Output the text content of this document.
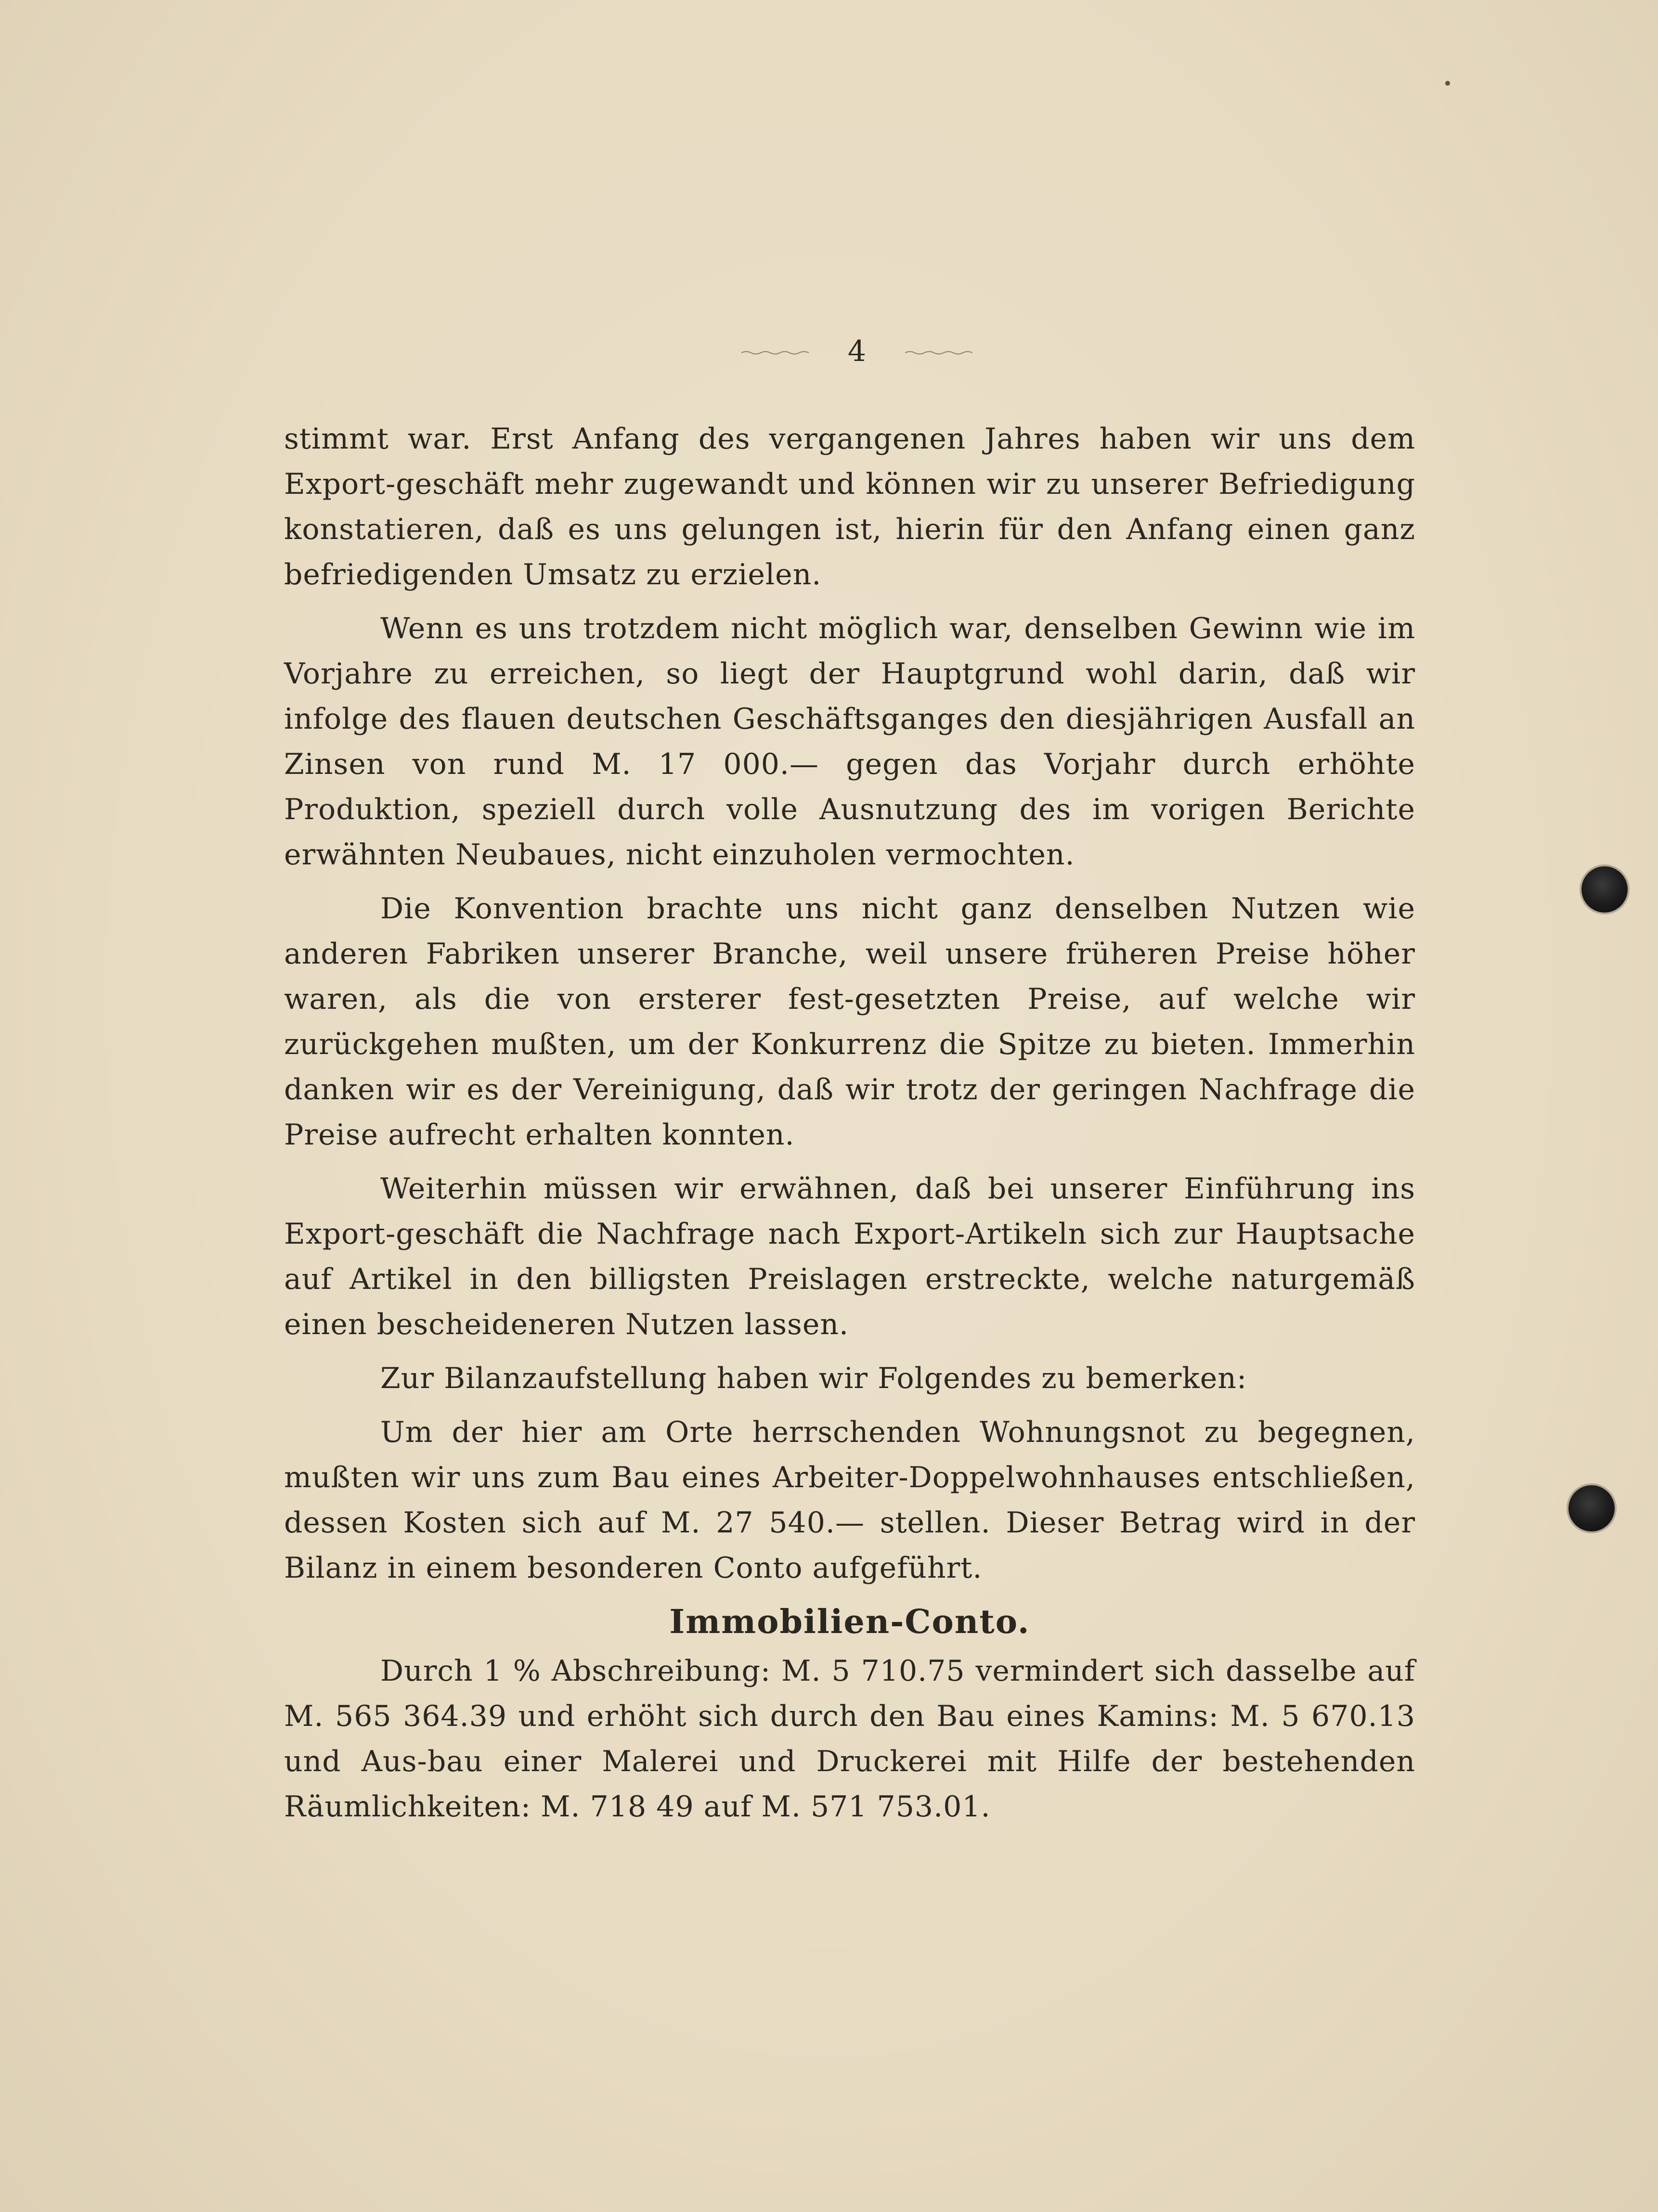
4

stimmt war. Erst Anfang des vergangenen Jahres haben wir uns dem Export-geschäft mehr zugewandt und können wir zu unserer Befriedigung konstatieren, daß es uns gelungen ist, hierin für den Anfang einen ganz befriedigenden Umsatz zu erzielen.

Wenn es uns trotzdem nicht möglich war, denselben Gewinn wie im Vorjahre zu erreichen, so liegt der Hauptgrund wohl darin, daß wir infolge des flauen deutschen Geschäftsganges den diesjährigen Ausfall an Zinsen von rund M. 17 000.— gegen das Vorjahr durch erhöhte Produktion, speziell durch volle Ausnutzung des im vorigen Berichte erwähnten Neubaues, nicht einzuholen vermochten.

Die Konvention brachte uns nicht ganz denselben Nutzen wie anderen Fabriken unserer Branche, weil unsere früheren Preise höher waren, als die von ersterer fest-gesetzten Preise, auf welche wir zurückgehen mußten, um der Konkurrenz die Spitze zu bieten. Immerhin danken wir es der Vereinigung, daß wir trotz der geringen Nachfrage die Preise aufrecht erhalten konnten.

Weiterhin müssen wir erwähnen, daß bei unserer Einführung ins Export-geschäft die Nachfrage nach Export-Artikeln sich zur Hauptsache auf Artikel in den billigsten Preislagen erstreckte, welche naturgemäß einen bescheideneren Nutzen lassen.

Zur Bilanzaufstellung haben wir Folgendes zu bemerken:

Um der hier am Orte herrschenden Wohnungsnot zu begegnen, mußten wir uns zum Bau eines Arbeiter-Doppelwohnhauses entschließen, dessen Kosten sich auf M. 27 540.— stellen. Dieser Betrag wird in der Bilanz in einem besonderen Conto aufgeführt.

Immobilien-Conto.

Durch 1 % Abschreibung: M. 5 710.75 vermindert sich dasselbe auf M. 565 364.39 und erhöht sich durch den Bau eines Kamins: M. 5 670.13 und Aus-bau einer Malerei und Druckerei mit Hilfe der bestehenden Räumlichkeiten: M. 718 49 auf M. 571 753.01.
